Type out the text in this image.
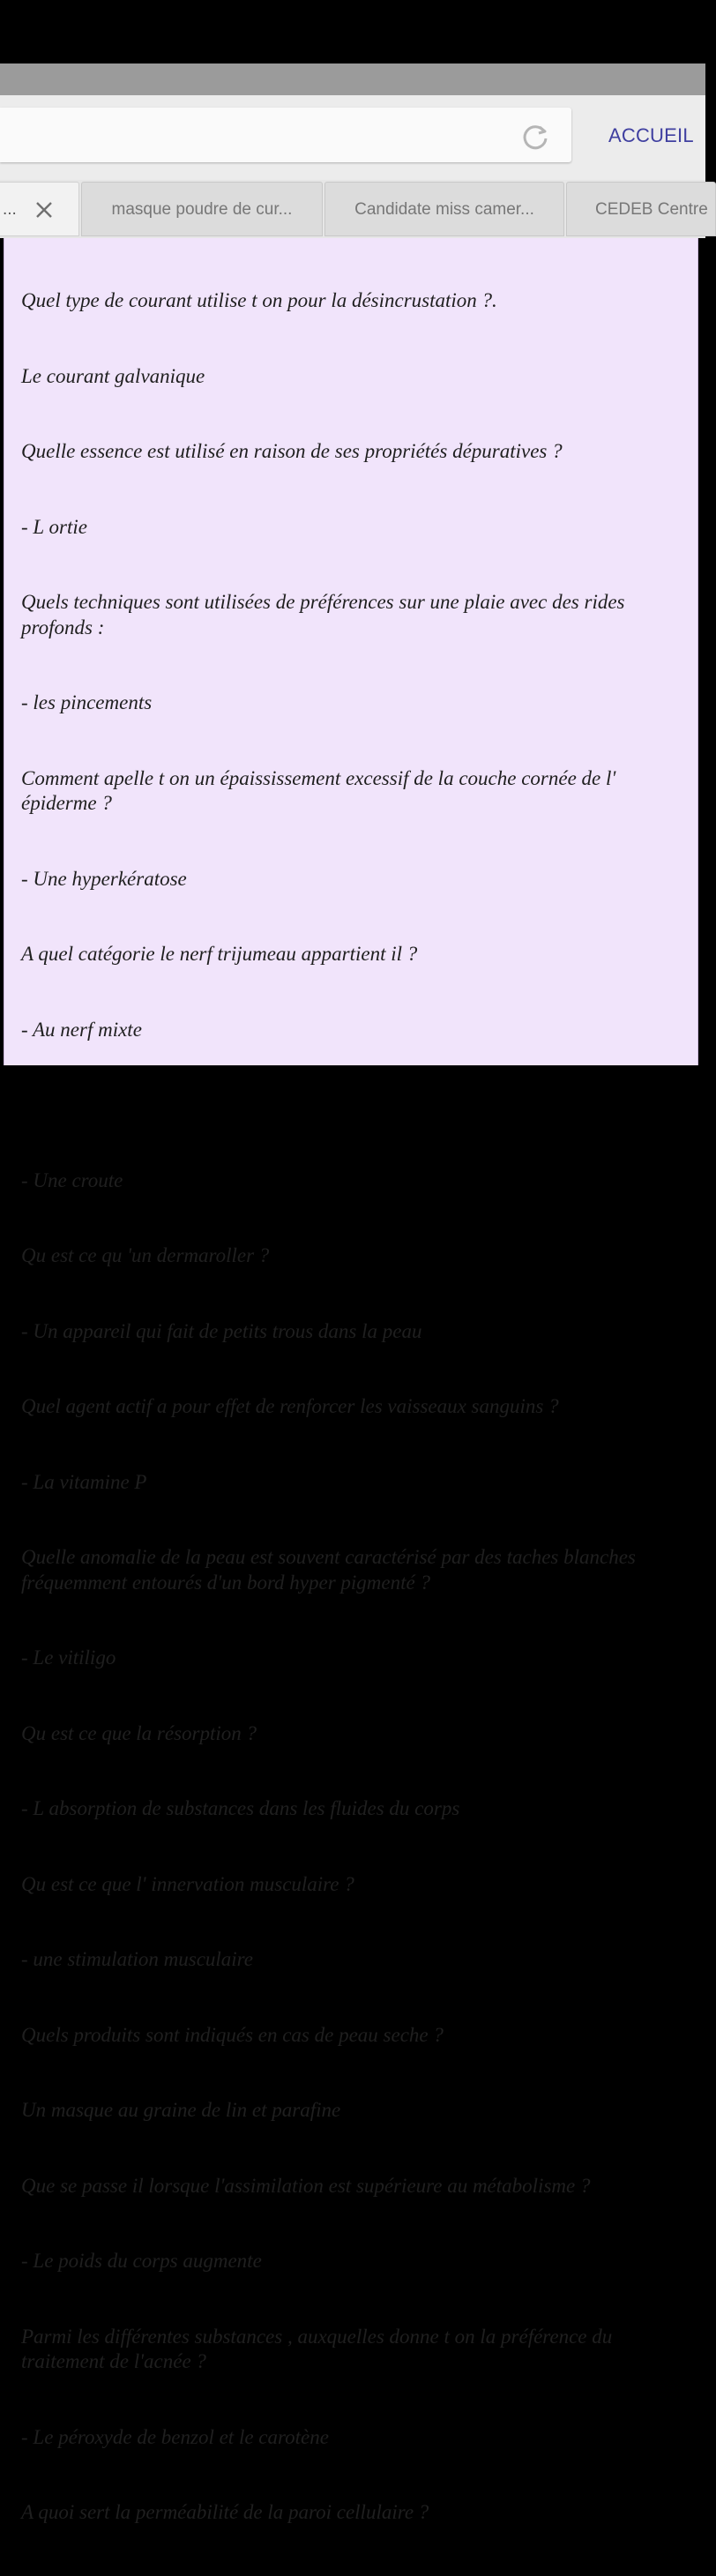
ACCUEIL
...	masque poudre de cur...	Candidate miss camer...	CEDEB Centre

Quel type de courant utilise t on pour la désincrustation ?.

Le courant galvanique

Quelle essence est utilisé en raison de ses propriétés dépuratives ?

- L ortie

Quels techniques sont utilisées de préférences sur une plaie avec des rides profonds :

- les pincements

Comment apelle t on un épaississement excessif de la couche cornée de l' épiderme ?

- Une hyperkératose

A quel catégorie le nerf trijumeau appartient il ?

- Au nerf mixte

- Une croute

Qu est ce qu 'un dermaroller ?

- Un appareil qui fait de petits trous dans la peau

Quel agent actif a pour effet de renforcer les vaisseaux sanguins ?

- La vitamine P

Quelle anomalie de la peau est souvent caractérisé par des taches blanches fréquemment entourés d'un bord hyper pigmenté ?

- Le vitiligo

Qu est ce que la résorption ?

- L absorption de substances dans les fluides du corps

Qu est ce que l' innervation musculaire ?

- une stimulation musculaire

Quels produits sont indiqués en cas de peau seche ?

Un masque au graine de lin et parafine

Que se passe il lorsque l'assimilation est supérieure au métabolisme ?

- Le poids du corps augmente

Parmi les différentes substances , auxquelles donne t on la préférence du traitement de l'acnée ?

- Le péroxyde de benzol et le carotène

A quoi sert la perméabilité de la paroi cellulaire ?
